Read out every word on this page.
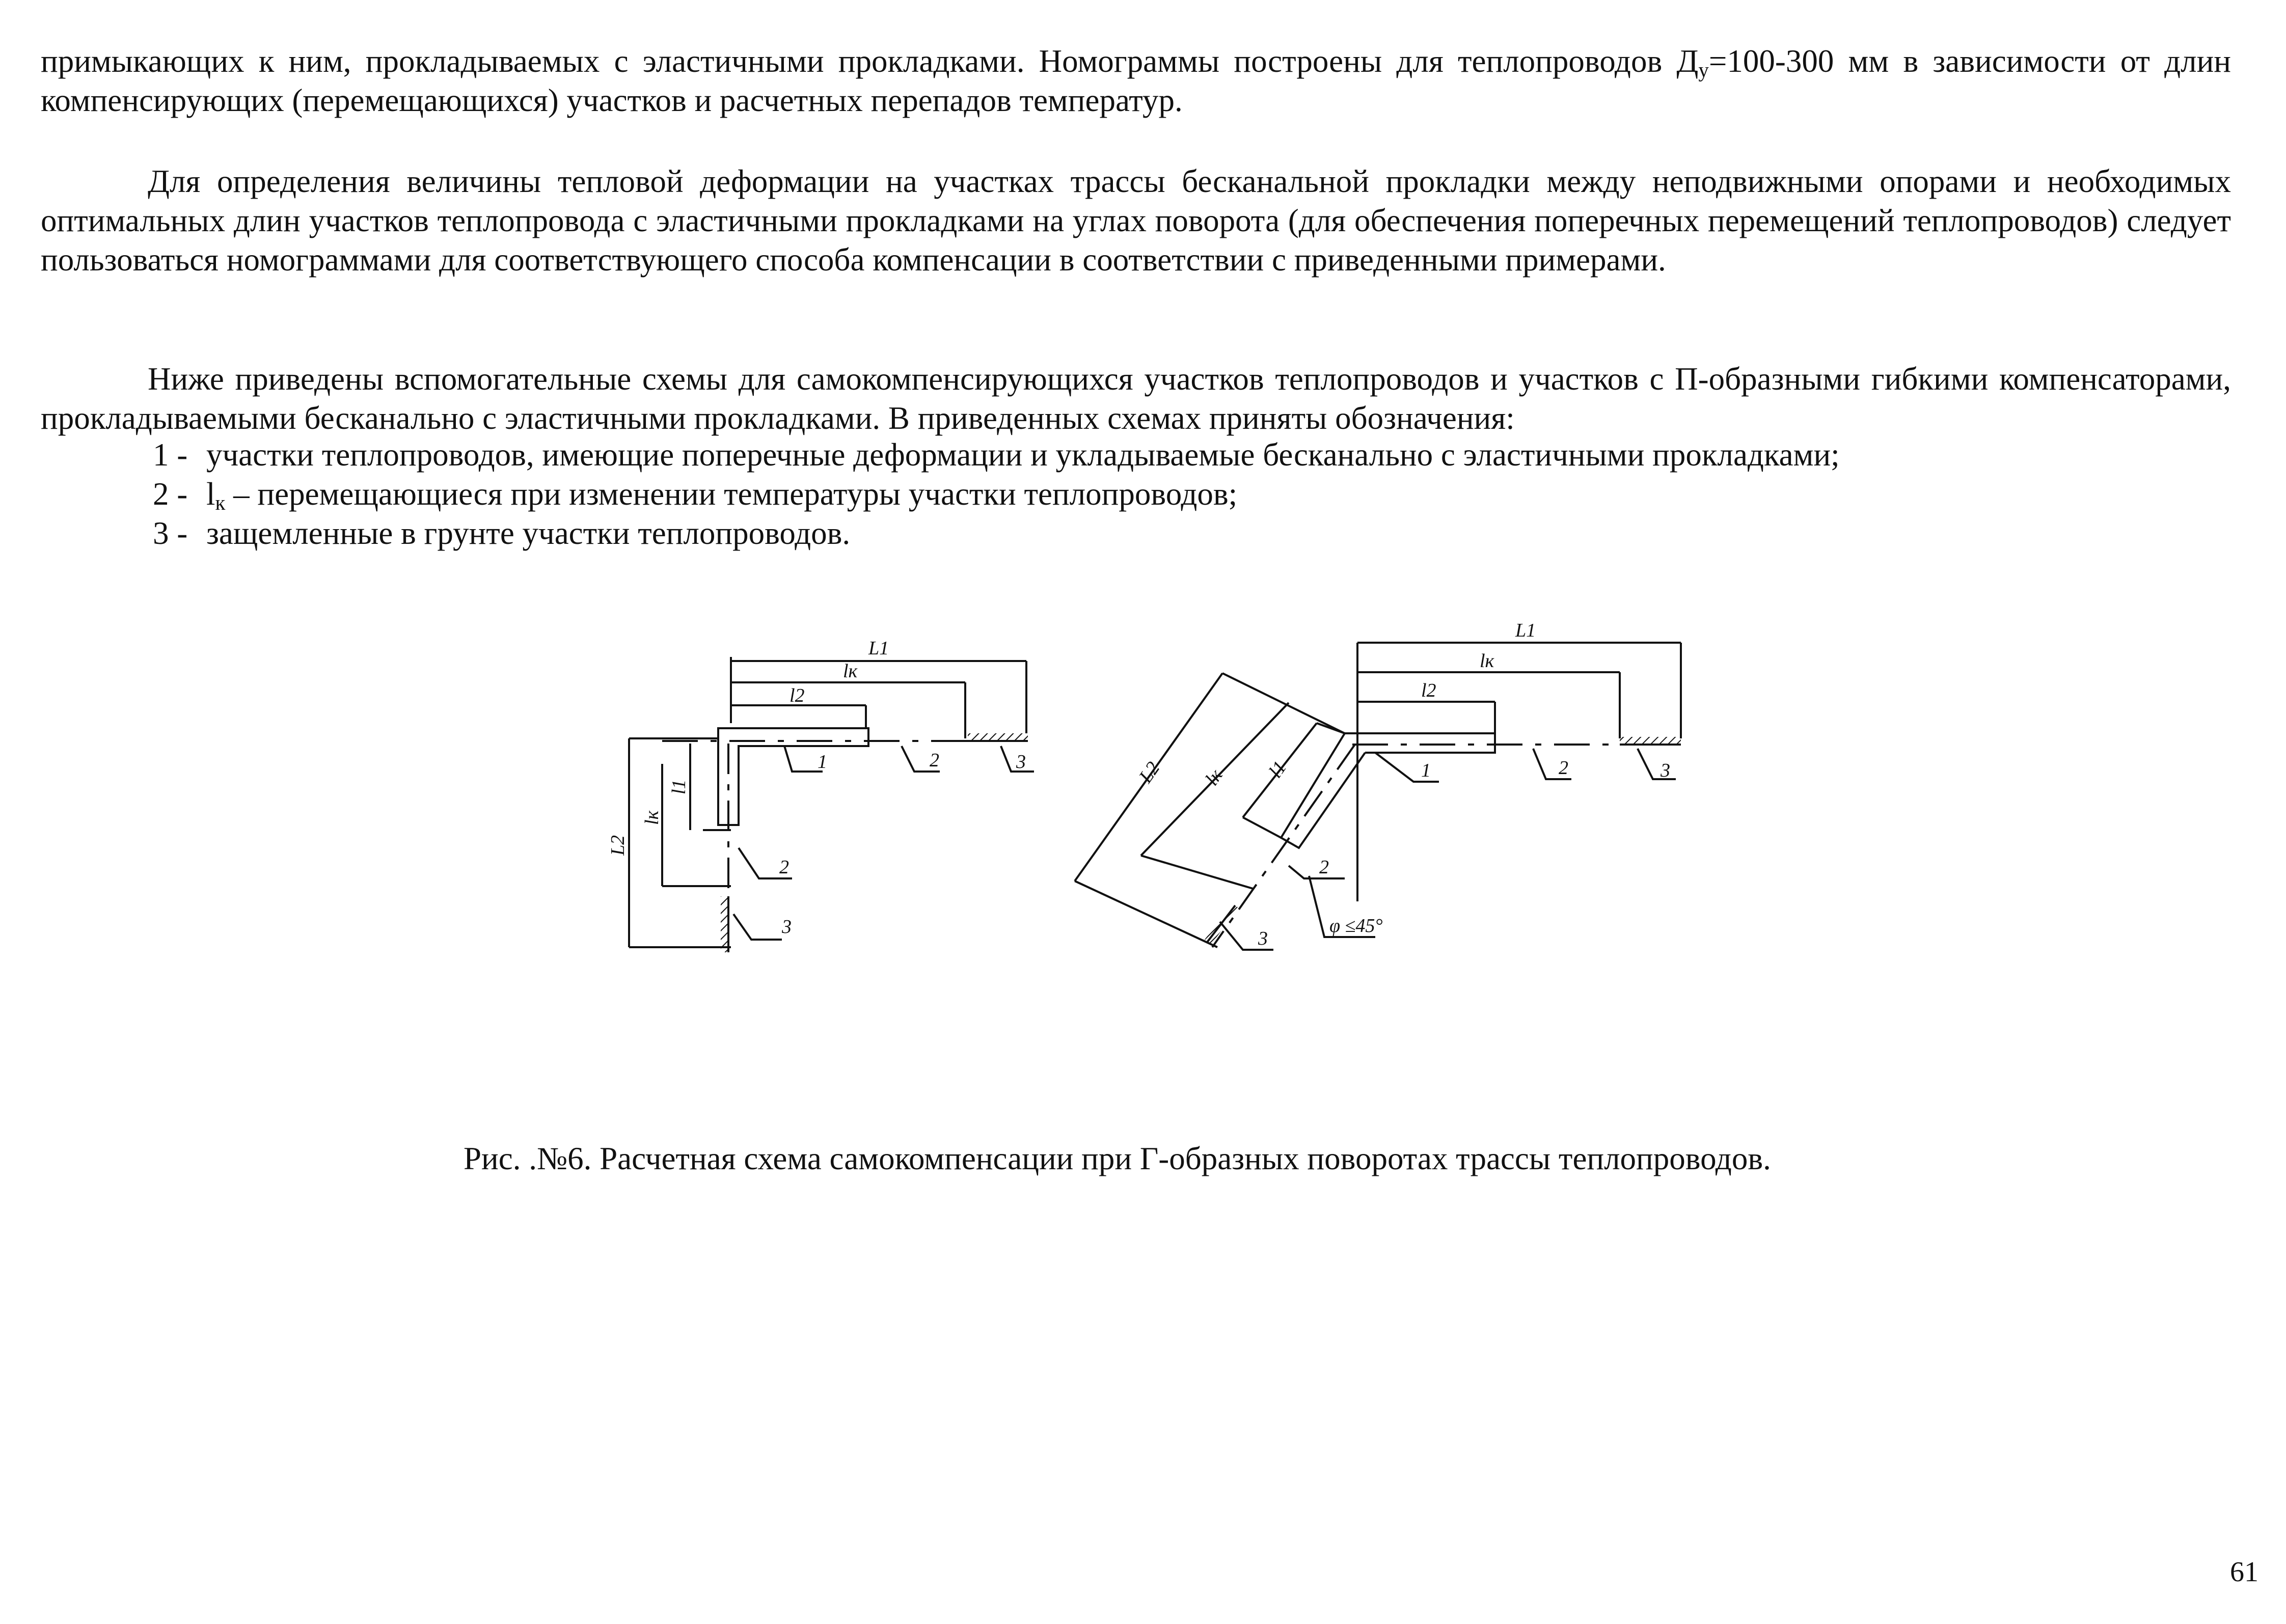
примыкающих к ним, прокладываемых с эластичными прокладками. Номограммы построены для теплопроводов $Д_у=100-300$ мм в зависимости от длин компенсирующих (перемещающихся) участков и расчетных перепадов температур.

Для определения величины тепловой деформации на участках трассы бесканальной прокладки между неподвижными опорами и необходимых оптимальных длин участков теплопровода с эластичными прокладками на углах поворота (для обеспечения поперечных перемещений теплопроводов) следует пользоваться номограммами для соответствующего способа компенсации в соответствии с приведенными примерами.

Ниже приведены вспомогательные схемы для самокомпенсирующихся участков теплопроводов и участков с П-образными гибкими компенсаторами, прокладываемыми бесканально с эластичными прокладками. В приведенных схемах приняты обозначения:

1 - участки теплопроводов, имеющие поперечные деформации и укладываемые бесканально с эластичными прокладками;

$2 - l_к$ – перемещающиеся при изменении температуры участки теплопроводов;

3 - защемленные в грунте участки теплопроводов.

L1
lк
l2
1	2	3
2
3
L2
lк
l1
L1
lк
l2
1	2	3
2
3
φ ≤45°
L2 lк l1

Рис. .№6. Расчетная схема самокомпенсации при Г-образных поворотах трассы теплопроводов.

61
